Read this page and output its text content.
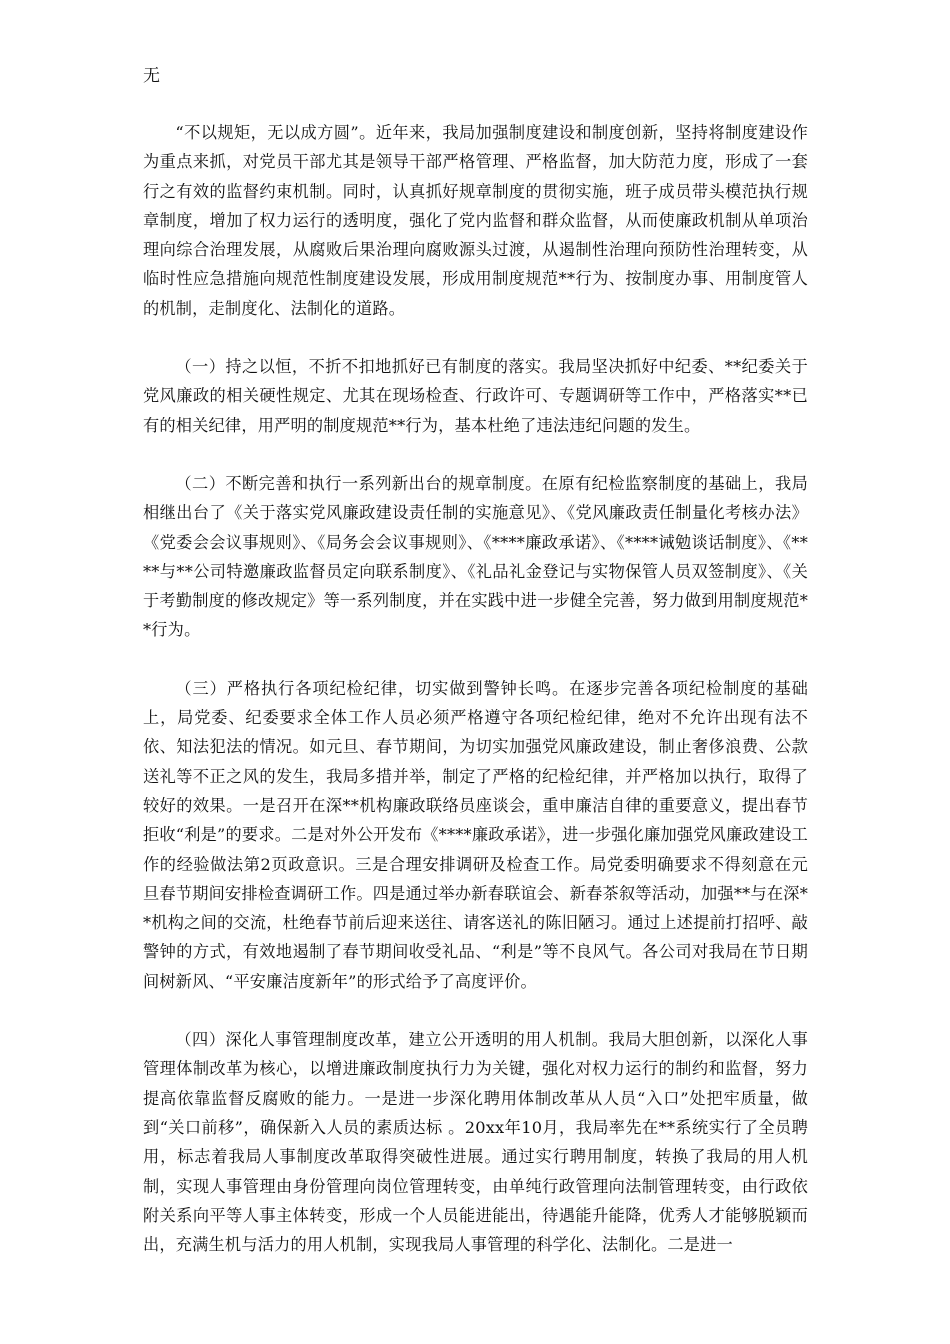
无

“不以规矩，无以成方圆”。近年来，我局加强制度建设和制度创新，坚持将制度建设作为重点来抓，对党员干部尤其是领导干部严格管理、严格监督，加大防范力度，形成了一套行之有效的监督约束机制。同时，认真抓好规章制度的贯彻实施，班子成员带头模范执行规章制度，增加了权力运行的透明度，强化了党内监督和群众监督，从而使廉政机制从单项治理向综合治理发展，从腐败后果治理向腐败源头过渡，从遏制性治理向预防性治理转变，从临时性应急措施向规范性制度建设发展，形成用制度规范**行为、按制度办事、用制度管人的机制，走制度化、法制化的道路。

（一）持之以恒，不折不扣地抓好已有制度的落实。我局坚决抓好中纪委、**纪委关于党风廉政的相关硬性规定、尤其在现场检查、行政许可、专题调研等工作中，严格落实**已有的相关纪律，用严明的制度规范**行为，基本杜绝了违法违纪问题的发生。

（二）不断完善和执行一系列新出台的规章制度。在原有纪检监察制度的基础上，我局相继出台了《关于落实党风廉政建设责任制的实施意见》、《党风廉政责任制量化考核办法》《党委会会议事规则》、《局务会会议事规则》、《****廉政承诺》、《****诫勉谈话制度》、《****与**公司特邀廉政监督员定向联系制度》、《礼品礼金登记与实物保管人员双签制度》、《关于考勤制度的修改规定》等一系列制度，并在实践中进一步健全完善，努力做到用制度规范**行为。

（三）严格执行各项纪检纪律，切实做到警钟长鸣。在逐步完善各项纪检制度的基础上，局党委、纪委要求全体工作人员必须严格遵守各项纪检纪律，绝对不允许出现有法不依、知法犯法的情况。如元旦、春节期间，为切实加强党风廉政建设，制止奢侈浪费、公款送礼等不正之风的发生，我局多措并举，制定了严格的纪检纪律，并严格加以执行，取得了较好的效果。一是召开在深**机构廉政联络员座谈会，重申廉洁自律的重要意义，提出春节拒收“利是”的要求。二是对外公开发布《****廉政承诺》，进一步强化廉加强党风廉政建设工作的经验做法第2页政意识。三是合理安排调研及检查工作。局党委明确要求不得刻意在元旦春节期间安排检查调研工作。四是通过举办新春联谊会、新春茶叙等活动，加强**与在深**机构之间的交流，杜绝春节前后迎来送往、请客送礼的陈旧陋习。通过上述提前打招呼、敲警钟的方式，有效地遏制了春节期间收受礼品、“利是”等不良风气。各公司对我局在节日期间树新风、“平安廉洁度新年”的形式给予了高度评价。

（四）深化人事管理制度改革，建立公开透明的用人机制。我局大胆创新，以深化人事管理体制改革为核心，以增进廉政制度执行力为关键，强化对权力运行的制约和监督，努力提高依靠监督反腐败的能力。一是进一步深化聘用体制改革从人员“入口”处把牢质量，做到“关口前移”，确保新入人员的素质达标 。20xx年10月，我局率先在**系统实行了全员聘用，标志着我局人事制度改革取得突破性进展。通过实行聘用制度，转换了我局的用人机制，实现人事管理由身份管理向岗位管理转变，由单纯行政管理向法制管理转变，由行政依附关系向平等人事主体转变，形成一个人员能进能出，待遇能升能降，优秀人才能够脱颖而出，充满生机与活力的用人机制，实现我局人事管理的科学化、法制化。二是进一
